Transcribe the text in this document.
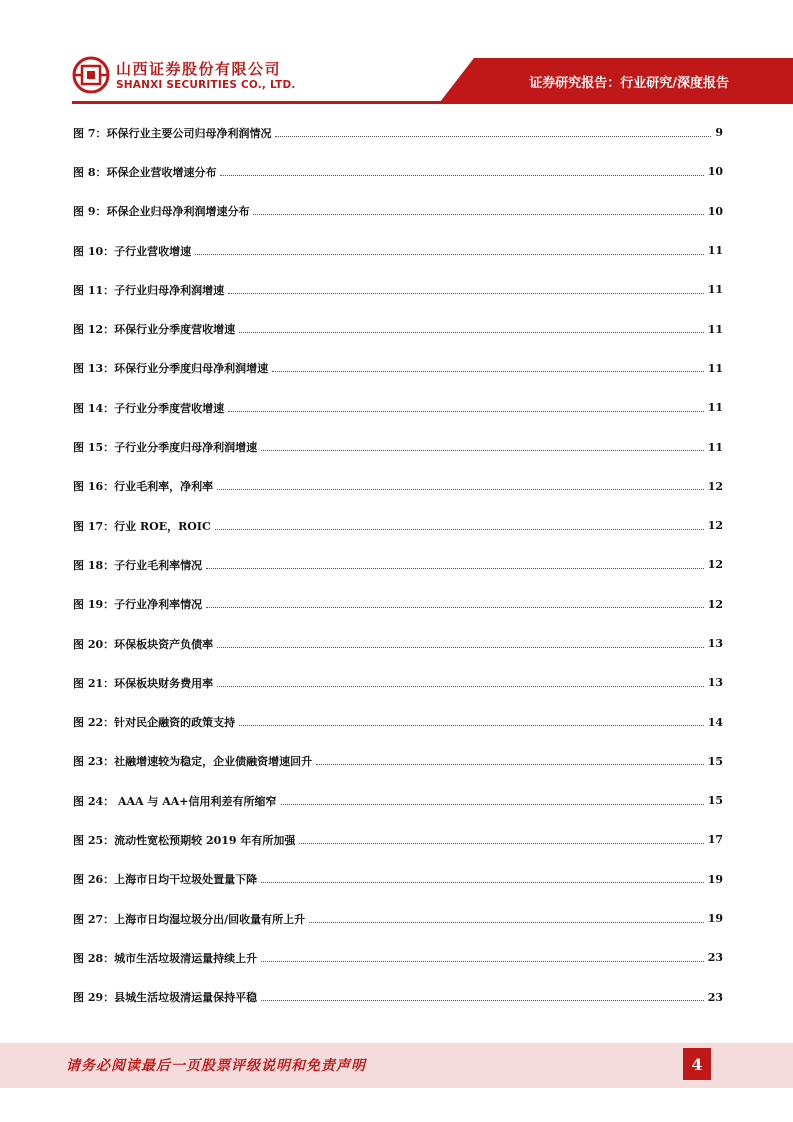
山西证券股份有限公司
SHANXI SECURITIES CO., LTD.	证券研究报告：行业研究/深度报告
图 7：环保行业主要公司归母净利润情况	9
图 8：环保企业营收增速分布	10
图 9：环保企业归母净利润增速分布	10
图 10：子行业营收增速	11
图 11：子行业归母净利润增速	11
图 12：环保行业分季度营收增速	11
图 13：环保行业分季度归母净利润增速	11
图 14：子行业分季度营收增速	11
图 15：子行业分季度归母净利润增速	11
图 16：行业毛利率，净利率	12
图 17：行业 ROE，ROIC	12
图 18：子行业毛利率情况	12
图 19：子行业净利率情况	12
图 20：环保板块资产负债率	13
图 21：环保板块财务费用率	13
图 22：针对民企融资的政策支持	14
图 23：社融增速较为稳定，企业债融资增速回升	15
图 24： AAA 与 AA+信用利差有所缩窄	15
图 25：流动性宽松预期较 2019 年有所加强	17
图 26：上海市日均干垃圾处置量下降	19
图 27：上海市日均湿垃圾分出/回收量有所上升	19
图 28：城市生活垃圾清运量持续上升	23
图 29：县城生活垃圾清运量保持平稳	23
请务必阅读最后一页股票评级说明和免责声明	4
